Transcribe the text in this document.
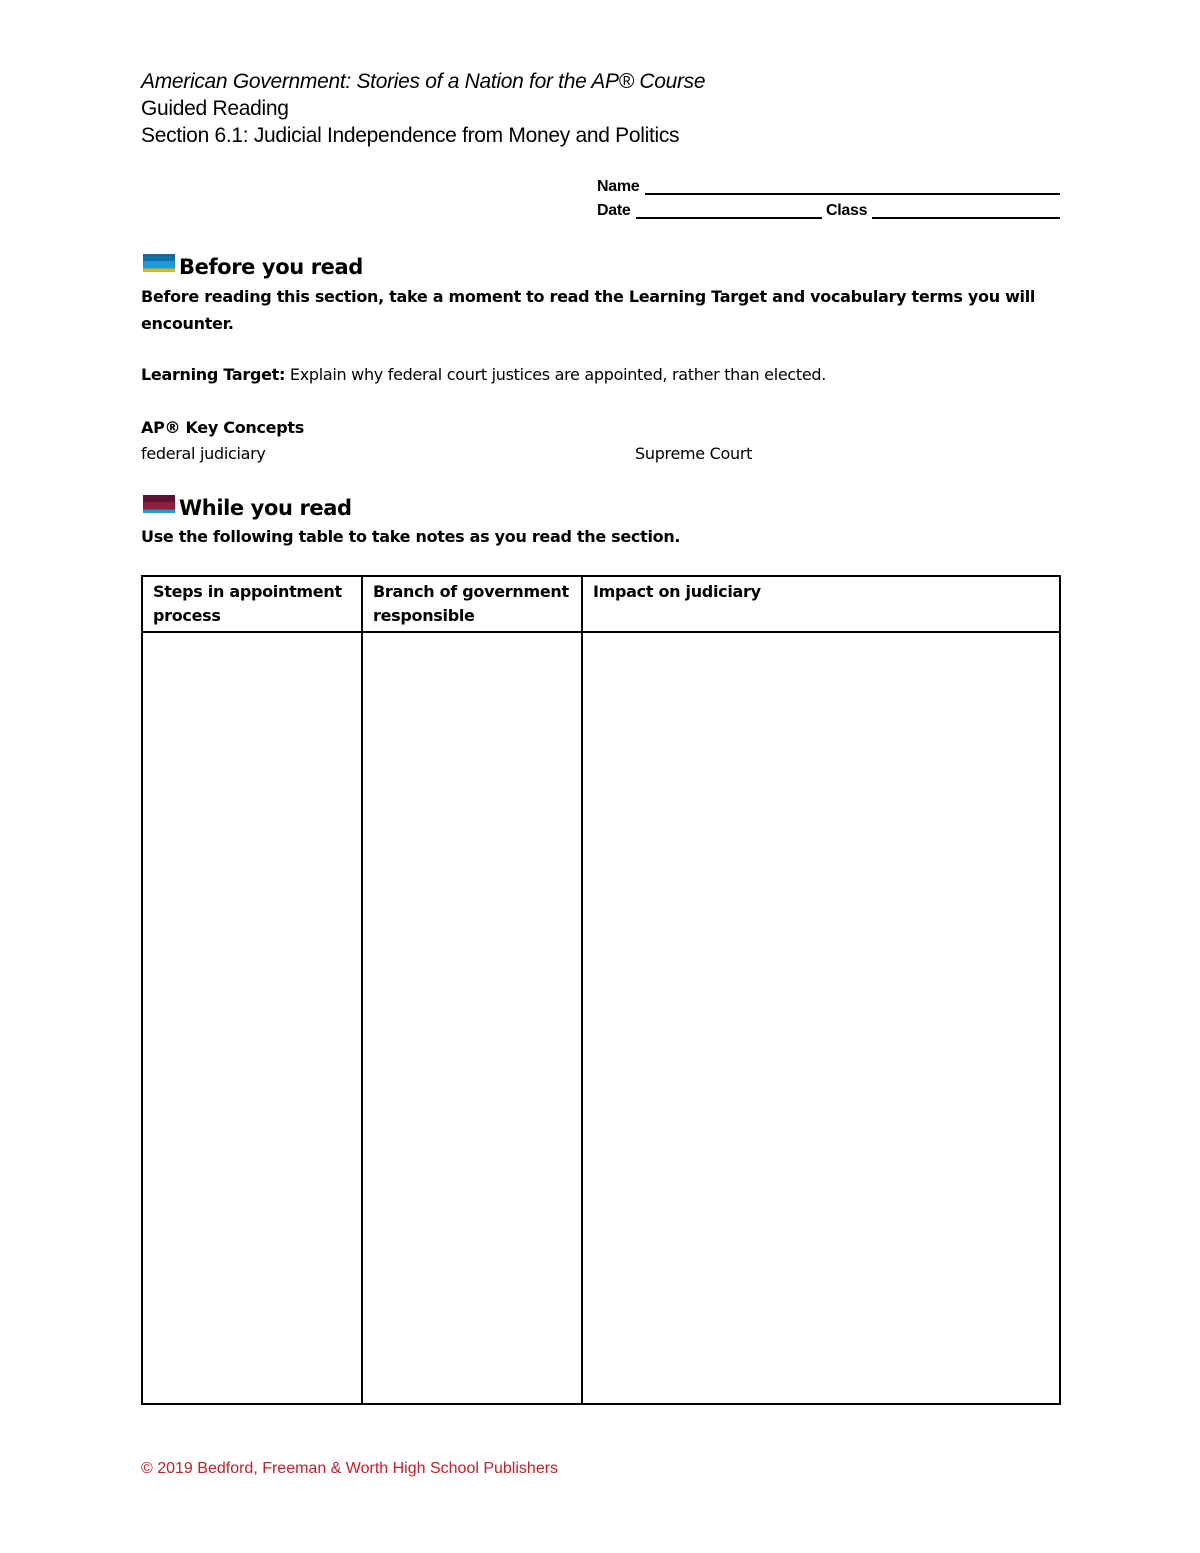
American Government: Stories of a Nation for the AP® Course
Guided Reading
Section 6.1: Judicial Independence from Money and Politics
Name
Date	Class
Before you read
Before reading this section, take a moment to read the Learning Target and vocabulary terms you will encounter.
Learning Target: Explain why federal court justices are appointed, rather than elected.
AP® Key Concepts
federal judiciary	Supreme Court
While you read
Use the following table to take notes as you read the section.
Steps in appointment process	Branch of government responsible	Impact on judiciary

© 2019 Bedford, Freeman & Worth High School Publishers
